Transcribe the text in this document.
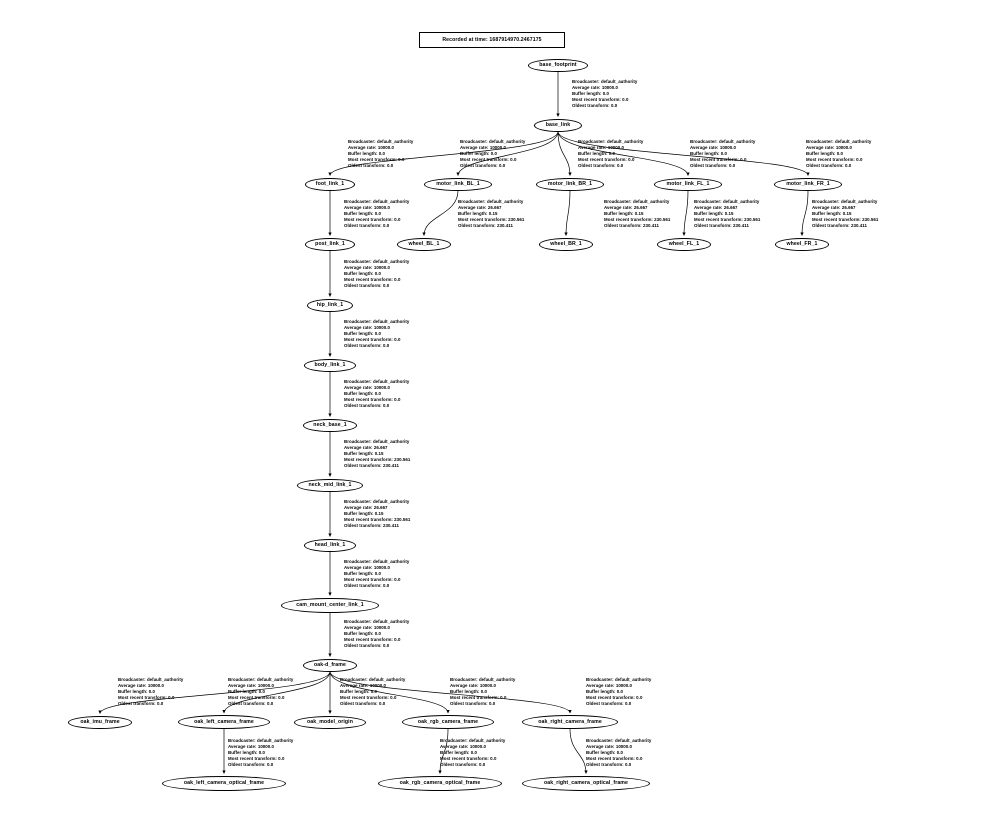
Recorded at time: 1687914970.2467175
base_footprint
base_link
foot_link_1	motor_link_BL_1	motor_link_BR_1	motor_link_FL_1	motor_link_FR_1
wheel_BL_1	wheel_BR_1	wheel_FL_1	wheel_FR_1
post_link_1
hip_link_1
body_link_1
neck_base_1
neck_mid_link_1
head_link_1
cam_mount_center_link_1
oak-d_frame
oak_imu_frame	oak_left_camera_frame	oak_model_origin	oak_rgb_camera_frame	oak_right_camera_frame
oak_left_camera_optical_frame	oak_rgb_camera_optical_frame	oak_right_camera_optical_frame
Broadcaster: default_authority
Average rate: 10000.0
Buffer length: 0.0
Most recent transform: 0.0
Oldest transform: 0.0
Broadcaster: default_authority
Average rate: 10000.0
Buffer length: 0.0
Most recent transform: 0.0
Oldest transform: 0.0
Broadcaster: default_authority
Average rate: 10000.0
Buffer length: 0.0
Most recent transform: 0.0
Oldest transform: 0.0
Broadcaster: default_authority
Average rate: 10000.0
Buffer length: 0.0
Most recent transform: 0.0
Oldest transform: 0.0
Broadcaster: default_authority
Average rate: 10000.0
Buffer length: 0.0
Most recent transform: 0.0
Oldest transform: 0.0
Broadcaster: default_authority
Average rate: 10000.0
Buffer length: 0.0
Most recent transform: 0.0
Oldest transform: 0.0
Broadcaster: default_authority
Average rate: 10000.0
Buffer length: 0.0
Most recent transform: 0.0
Oldest transform: 0.0
Broadcaster: default_authority
Average rate: 26.667
Buffer length: 0.15
Most recent transform: 230.561
Oldest transform: 230.411
Broadcaster: default_authority
Average rate: 26.667
Buffer length: 0.15
Most recent transform: 230.561
Oldest transform: 230.411
Broadcaster: default_authority
Average rate: 26.667
Buffer length: 0.15
Most recent transform: 230.561
Oldest transform: 230.411
Broadcaster: default_authority
Average rate: 26.667
Buffer length: 0.15
Most recent transform: 230.561
Oldest transform: 230.411
Broadcaster: default_authority
Average rate: 10000.0
Buffer length: 0.0
Most recent transform: 0.0
Oldest transform: 0.0
Broadcaster: default_authority
Average rate: 10000.0
Buffer length: 0.0
Most recent transform: 0.0
Oldest transform: 0.0
Broadcaster: default_authority
Average rate: 10000.0
Buffer length: 0.0
Most recent transform: 0.0
Oldest transform: 0.0
Broadcaster: default_authority
Average rate: 26.667
Buffer length: 0.15
Most recent transform: 230.561
Oldest transform: 230.411
Broadcaster: default_authority
Average rate: 26.667
Buffer length: 0.15
Most recent transform: 230.561
Oldest transform: 230.411
Broadcaster: default_authority
Average rate: 10000.0
Buffer length: 0.0
Most recent transform: 0.0
Oldest transform: 0.0
Broadcaster: default_authority
Average rate: 10000.0
Buffer length: 0.0
Most recent transform: 0.0
Oldest transform: 0.0
Broadcaster: default_authority
Average rate: 10000.0
Buffer length: 0.0
Most recent transform: 0.0
Oldest transform: 0.0
Broadcaster: default_authority
Average rate: 10000.0
Buffer length: 0.0
Most recent transform: 0.0
Oldest transform: 0.0
Broadcaster: default_authority
Average rate: 10000.0
Buffer length: 0.0
Most recent transform: 0.0
Oldest transform: 0.0
Broadcaster: default_authority
Average rate: 10000.0
Buffer length: 0.0
Most recent transform: 0.0
Oldest transform: 0.0
Broadcaster: default_authority
Average rate: 10000.0
Buffer length: 0.0
Most recent transform: 0.0
Oldest transform: 0.0
Broadcaster: default_authority
Average rate: 10000.0
Buffer length: 0.0
Most recent transform: 0.0
Oldest transform: 0.0
Broadcaster: default_authority
Average rate: 10000.0
Buffer length: 0.0
Most recent transform: 0.0
Oldest transform: 0.0
Broadcaster: default_authority
Average rate: 10000.0
Buffer length: 0.0
Most recent transform: 0.0
Oldest transform: 0.0
